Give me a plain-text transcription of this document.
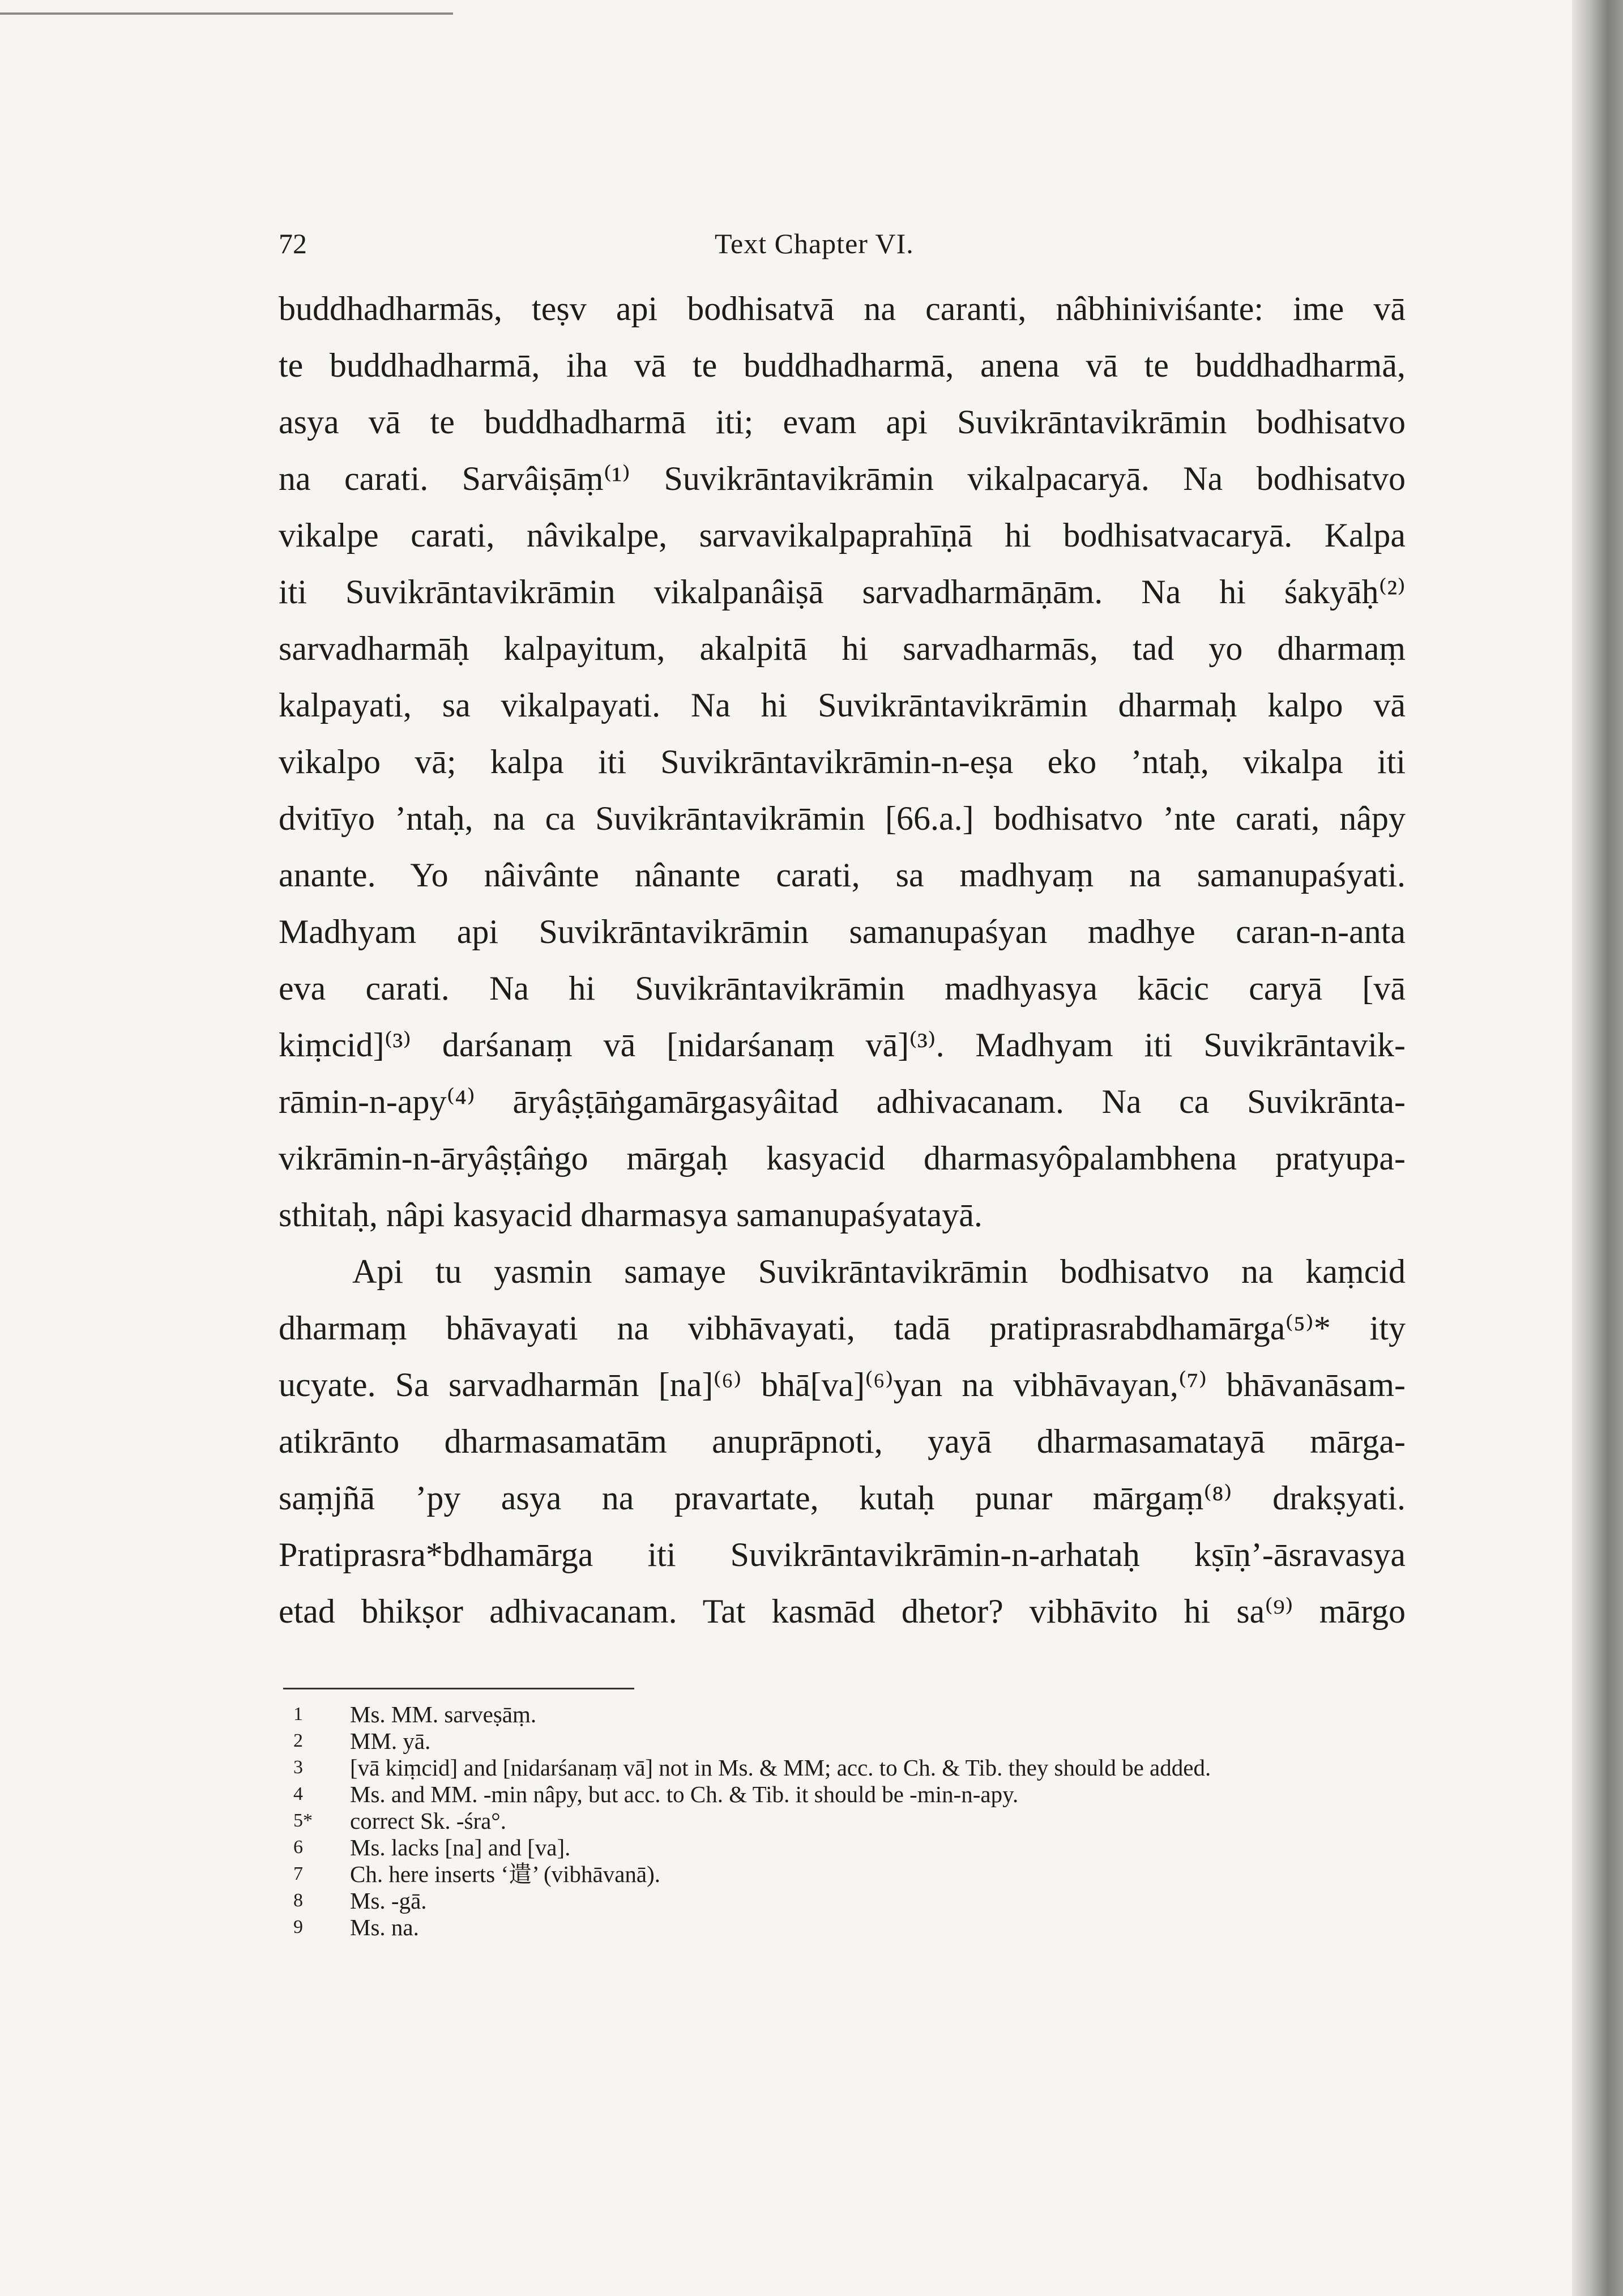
72	Text Chapter VI.
buddhadharmās, teṣv api bodhisatvā na caranti, nâbhiniviśante: ime vā
te buddhadharmā, iha vā te buddhadharmā, anena vā te buddhadharmā,
asya vā te buddhadharmā iti; evam api Suvikrāntavikrāmin bodhisatvo
na carati. Sarvâiṣāṃ⁽¹⁾ Suvikrāntavikrāmin vikalpacaryā. Na bodhisatvo
vikalpe carati, nâvikalpe, sarvavikalpaprahīṇā hi bodhisatvacaryā. Kalpa
iti Suvikrāntavikrāmin vikalpanâiṣā sarvadharmāṇām. Na hi śakyāḥ⁽²⁾
sarvadharmāḥ kalpayitum, akalpitā hi sarvadharmās, tad yo dharmaṃ
kalpayati, sa vikalpayati. Na hi Suvikrāntavikrāmin dharmaḥ kalpo vā
vikalpo vā; kalpa iti Suvikrāntavikrāmin-n-eṣa eko ’ntaḥ, vikalpa iti
dvitīyo ’ntaḥ, na ca Suvikrāntavikrāmin [66.a.] bodhisatvo ’nte carati, nâpy
anante. Yo nâivânte nânante carati, sa madhyaṃ na samanupaśyati.
Madhyam api Suvikrāntavikrāmin samanupaśyan madhye caran-n-anta
eva carati. Na hi Suvikrāntavikrāmin madhyasya kācic caryā [vā
kiṃcid]⁽³⁾ darśanaṃ vā [nidarśanaṃ vā]⁽³⁾. Madhyam iti Suvikrāntavik-
rāmin-n-apy⁽⁴⁾ āryâṣṭāṅgamārgasyâitad adhivacanam. Na ca Suvikrānta-
vikrāmin-n-āryâṣṭâṅgo mārgaḥ kasyacid dharmasyôpalambhena pratyupa-
sthitaḥ, nâpi kasyacid dharmasya samanupaśyatayā.
Api tu yasmin samaye Suvikrāntavikrāmin bodhisatvo na kaṃcid
dharmaṃ bhāvayati na vibhāvayati, tadā pratiprasrabdhamārga⁽⁵⁾* ity
ucyate. Sa sarvadharmān [na]⁽⁶⁾ bhā[va]⁽⁶⁾yan na vibhāvayan,⁽⁷⁾ bhāvanāsam-
atikrānto dharmasamatām anuprāpnoti, yayā dharmasamatayā mārga-
saṃjñā ’py asya na pravartate, kutaḥ punar mārgaṃ⁽⁸⁾ drakṣyati.
Pratiprasra*bdhamārga iti Suvikrāntavikrāmin-n-arhataḥ kṣīṇ’-āsravasya
etad bhikṣor adhivacanam. Tat kasmād dhetor? vibhāvito hi sa⁽⁹⁾ mārgo
1 Ms. MM. sarveṣāṃ.
2 MM. yā.
3 [vā kiṃcid] and [nidarśanaṃ vā] not in Ms. & MM; acc. to Ch. & Tib. they should be added.
4 Ms. and MM. -min nâpy, but acc. to Ch. & Tib. it should be -min-n-apy.
5* correct Sk. -śra°.
6 Ms. lacks [na] and [va].
7 Ch. here inserts ‘遣’ (vibhāvanā).
8 Ms. -gā.
9 Ms. na.
